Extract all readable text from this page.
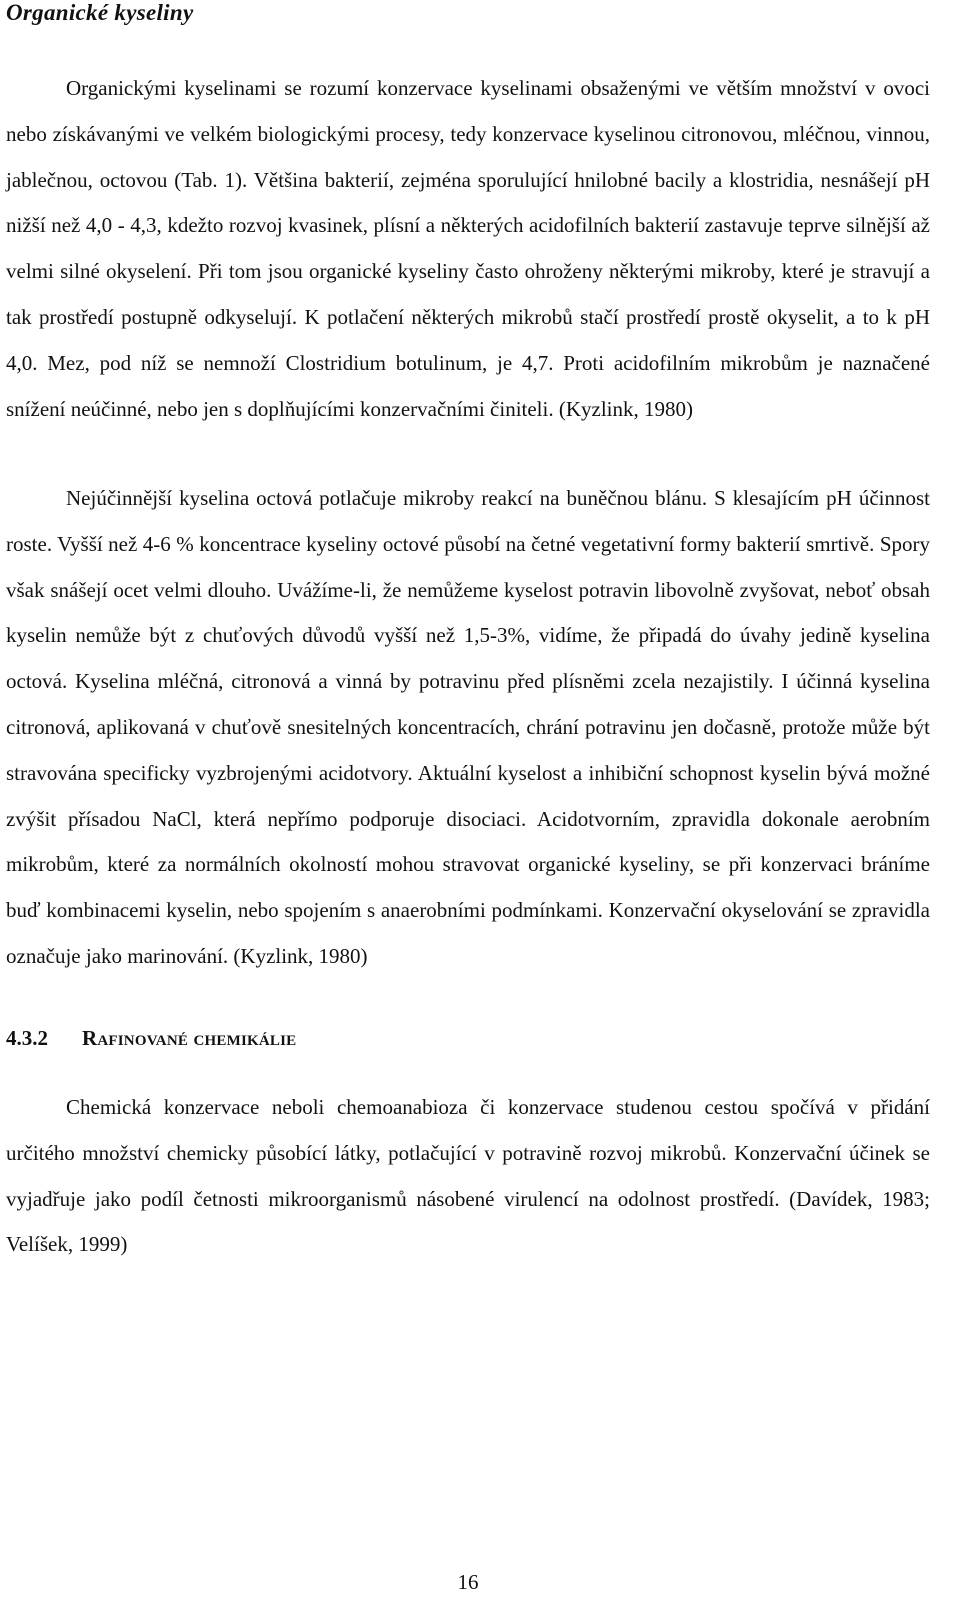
Organické kyseliny

Organickými kyselinami se rozumí konzervace kyselinami obsaženými ve větším množství v ovoci nebo získávanými ve velkém biologickými procesy, tedy konzervace kyselinou citronovou, mléčnou, vinnou, jablečnou, octovou (Tab. 1). Většina bakterií, zejména sporulující hnilobné bacily a klostridia, nesnášejí pH nižší než 4,0 - 4,3, kdežto rozvoj kvasinek, plísní a některých acidofilních bakterií zastavuje teprve silnější až velmi silné okyselení. Při tom jsou organické kyseliny často ohroženy některými mikroby, které je stravují a tak prostředí postupně odkyselují. K potlačení některých mikrobů stačí prostředí prostě okyselit, a to k pH 4,0. Mez, pod níž se nemnoží Clostridium botulinum, je 4,7. Proti acidofilním mikrobům je naznačené snížení neúčinné, nebo jen s doplňujícími konzervačními činiteli. (Kyzlink, 1980)

Nejúčinnější kyselina octová potlačuje mikroby reakcí na buněčnou blánu. S klesajícím pH účinnost roste. Vyšší než 4-6 % koncentrace kyseliny octové působí na četné vegetativní formy bakterií smrtivě. Spory však snášejí ocet velmi dlouho. Uvážíme-li, že nemůžeme kyselost potravin libovolně zvyšovat, neboť obsah kyselin nemůže být z chuťových důvodů vyšší než 1,5-3%, vidíme, že připadá do úvahy jedině kyselina octová. Kyselina mléčná, citronová a vinná by potravinu před plísněmi zcela nezajistily. I účinná kyselina citronová, aplikovaná v chuťově snesitelných koncentracích, chrání potravinu jen dočasně, protože může být stravována specificky vyzbrojenými acidotvory. Aktuální kyselost a inhibiční schopnost kyselin bývá možné zvýšit přísadou NaCl, která nepřímo podporuje disociaci. Acidotvorním, zpravidla dokonale aerobním mikrobům, které za normálních okolností mohou stravovat organické kyseliny, se při konzervaci bráníme buď kombinacemi kyselin, nebo spojením s anaerobními podmínkami. Konzervační okyselování se zpravidla označuje jako marinování. (Kyzlink, 1980)

4.3.2 Rafinované chemikálie

Chemická konzervace neboli chemoanabioza či konzervace studenou cestou spočívá v přidání určitého množství chemicky působící látky, potlačující v potravině rozvoj mikrobů. Konzervační účinek se vyjadřuje jako podíl četnosti mikroorganismů násobené virulencí na odolnost prostředí. (Davídek, 1983; Velíšek, 1999)

16
